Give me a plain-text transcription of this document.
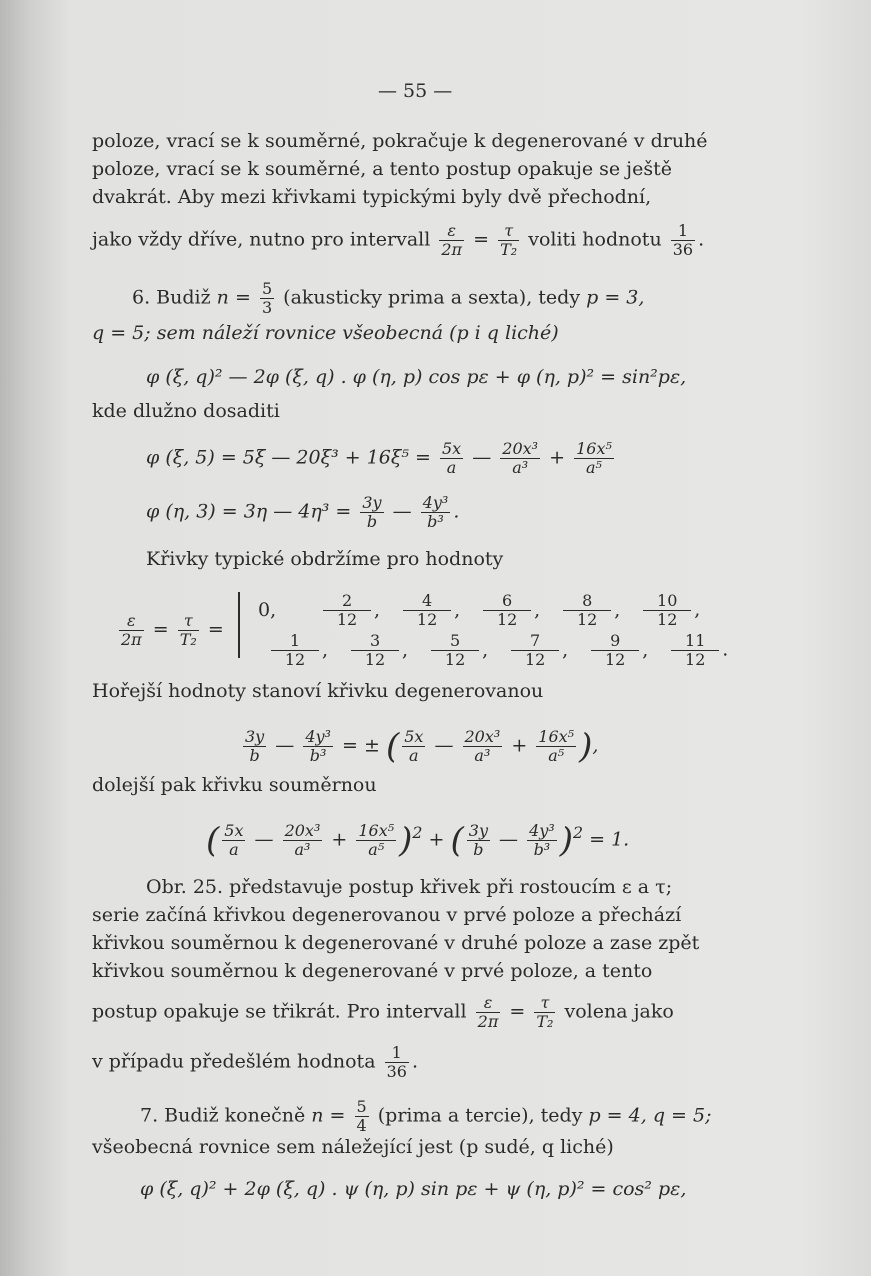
— 55 —
poloze, vrací se k souměrné, pokračuje k degenerované v druhé
poloze, vrací se k souměrné, a tento postup opakuje se ještě
dvakrát. Aby mezi křivkami typickými byly dvě přechodní,
jako vždy dříve, nutno pro intervall $\frac{\varepsilon}{2\pi} = \frac{\tau}{\text{T₂}}$ voliti hodnotu $\frac{1}{36}$ .
6. Budiž $n = \frac{5}{3}$ (akusticky prima a sexta), tedy p = 3,
q = 5; sem náleží rovnice všeobecná (p i q liché)
φ (ξ, q)² — 2φ (ξ, q) . φ (η, p) cos pε + φ (η, p)² = sin²pε,
kde dlužno dosaditi
φ (ξ, 5) = 5ξ — $20\xi^3 + 16\xi^5 = \frac{5x}{a}$ — $\frac{\text{20x³}}{\text{a³}} + \frac{\text{16x⁵}}{\text{a⁵}}$
φ (η, 3) = 3η — $4\eta^3 = \frac{3y}{b}$ — $\frac{\text{4y³}}{\text{b³}}$ .
Křivky typické obdržíme pro hodnoty
$\frac{\varepsilon}{2\pi} = \frac{\tau}{\text{T₂}}$ =
0,	$\frac{2}{12}$ , $\frac{4}{12}$ , $\frac{6}{12}$ , $\frac{8}{12}$ , $\frac{10}{12}$ ,
$\frac{1}{12}$ , $\frac{3}{12}$ , $\frac{5}{12}$ , $\frac{7}{12}$ , $\frac{9}{12}$ , $\frac{11}{12}$ .
Hořejší hodnoty stanoví křivku degenerovanou
$\frac{3y}{b}$ — $\frac{\text{4y³}}{\text{b³}}$ = ± ( $\frac{5x}{a}$ — $\frac{\text{20x³}}{\text{a³}} + \frac{\text{16x⁵}}{\text{a⁵}}$ ),
dolejší pak křivku souměrnou
( $\frac{5x}{a}$ — $\frac{\text{20x³}}{\text{a³}} + \frac{\text{16x⁵}}{\text{a⁵}} )^2$ + ( $\frac{3y}{b}$ — $\frac{\text{4y³}}{\text{b³}} )^2 = 1$.
Obr. 25. představuje postup křivek při rostoucím ε a τ;
serie začíná křivkou degenerovanou v prvé poloze a přechází
křivkou souměrnou k degenerované v druhé poloze a zase zpět
křivkou souměrnou k degenerované v prvé poloze, a tento
postup opakuje se třikrát. Pro intervall $\frac{\varepsilon}{2\pi} = \frac{\tau}{\text{T₂}}$ volena jako
v případu předešlém hodnota $\frac{1}{36}$ .
7. Budiž konečně $n = \frac{5}{4}$ (prima a tercie), tedy p = 4, q = 5;
všeobecná rovnice sem náležející jest (p sudé, q liché)
φ (ξ, q)² + 2φ (ξ, q) . ψ (η, p) sin pε + ψ (η, p)² = cos² pε,
